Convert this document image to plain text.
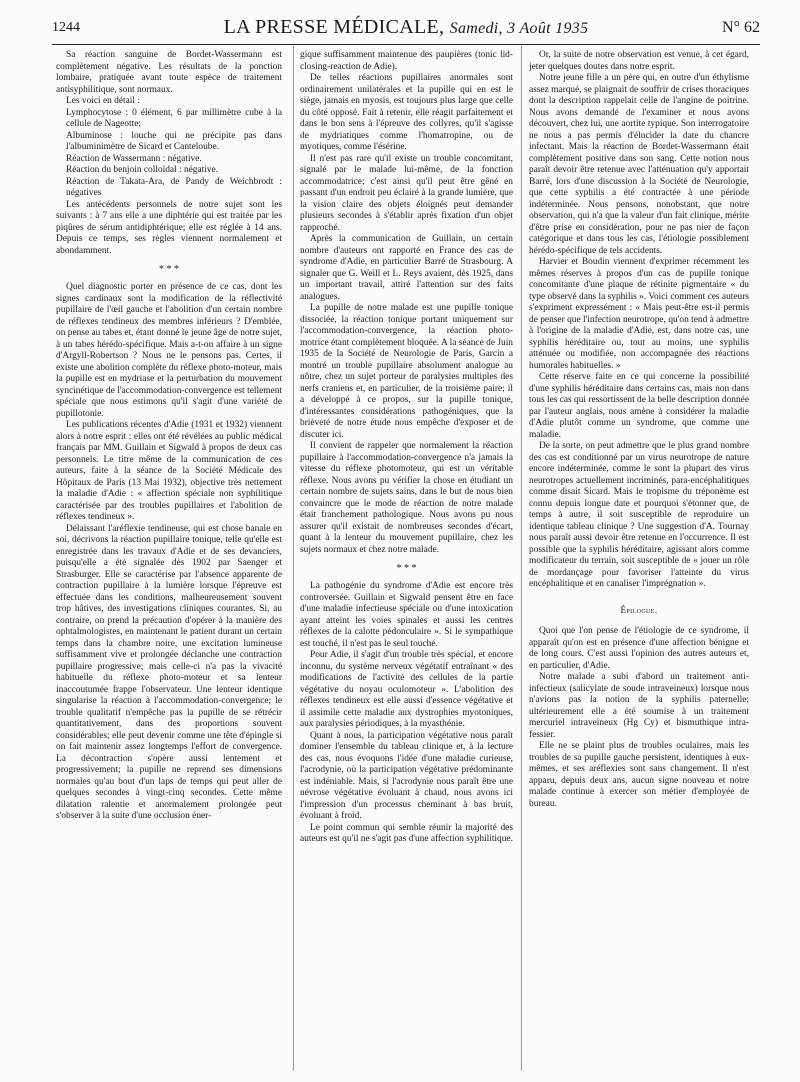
1244	LA PRESSE MÉDICALE, Samedi, 3 Août 1935	N° 62

Sa réaction sanguine de Bordet-Wassermann est complètement négative. Les résultats de la ponction lombaire, pratiquée avant toute espèce de traitement antisyphilitique, sont normaux.

Les voici en détail :

Lymphocytose : 0 élément, 6 par millimètre cube à la cellule de Nageotte;

Albuminose : louche qui ne précipite pas dans l'albuminimètre de Sicard et Canteloube.

Réaction de Wassermann : négative.

Réaction du benjoin colloïdal : négative.

Réaction de Takata-Ara, de Pandy de Weichbrodt : négatives

Les antécédents personnels de notre sujet sont les suivants : à 7 ans elle a une diphtérie qui est traitée par les piqûres de sérum antidiphtérique; elle est réglée à 14 ans. Depuis ce temps, ses règles viennent normalement et abondamment.

* * *

Quel diagnostic porter en présence de ce cas, dont les signes cardinaux sont la modification de la réflectivité pupillaire de l'œil gauche et l'abolition d'un certain nombre de réflexes tendineux des membres inférieurs ? D'emblée, on pense au tabes et, étant donné le jeune âge de notre sujet, à un tabes hérédo-spécifique. Mais a-t-on affaire à un signe d'Argyll-Robertson ? Nous ne le pensons pas. Certes, il existe une abolition complète du réflexe photo-moteur, mais la pupille est en mydriase et la perturbation du mouvement syncinétique de l'accommodation-convergence est tellement spéciale que nous estimons qu'il s'agit d'une variété de pupillotonie.

Les publications récentes d'Adie (1931 et 1932) viennent alors à notre esprit : elles ont été révélées au public médical français par MM. Guillain et Sigwald à propos de deux cas personnels. Le titre même de la communication de ces auteurs, faite à la séance de la Société Médicale des Hôpitaux de Paris (13 Mai 1932), objective très nettement la maladie d'Adie : « affection spéciale non syphilitique caractérisée par des troubles pupillaires et l'abolition de réflexes tendineux ».

Délaissant l'aréflexie tendineuse, qui est chose banale en soi, décrivons la réaction pupillaire tonique, telle qu'elle est enregistrée dans les travaux d'Adie et de ses devanciers, puisqu'elle a été signalée dès 1902 par Saenger et Strasburger. Elle se caractérise par l'absence apparente de contraction pupillaire à la lumière lorsque l'épreuve est effectuée dans les conditions, malheureusement souvent trop hâtives, des investigations cliniques courantes. Si, au contraire, on prend la précaution d'opérer à la manière des ophtalmologistes, en maintenant le patient durant un certain temps dans la chambre noire, une excitation lumineuse suffisamment vive et prolongée déclanche une contraction pupillaire progressive; mais celle-ci n'a pas la vivacité habituelle du réflexe photo-moteur et sa lenteur inaccoutumée frappe l'observateur. Une lenteur identique singularise la réaction à l'accommodation-convergence; le trouble qualitatif n'empêche pas la pupille de se rétrécir quantitativement, dans des proportions souvent considérables; elle peut devenir comme une tête d'épingle si on fait maintenir assez longtemps l'effort de convergence. La décontraction s'opère aussi lentement et progressivement; la pupille ne reprend ses dimensions normales qu'au bout d'un laps de temps qui peut aller de quelques secondes à vingt-cinq secondes. Cette même dilatation ralentie et anormalement prolongée peut s'observer à la suite d'une occlusion éner-

gique suffisamment maintenue des paupières (tonic lid-closing-reaction de Adie).

De telles réactions pupillaires anormales sont ordinairement unilatérales et la pupille qui en est le siège, jamais en myosis, est toujours plus large que celle du côté opposé. Fait à retenir, elle réagit parfaitement et dans le bon sens à l'épreuve des collyres, qu'il s'agisse de mydriatiques comme l'homatropine, ou de myotiques, comme l'ésérine.

Il n'est pas rare qu'il existe un trouble concomitant, signalé par le malade lui-même, de la fonction accommodatrice; c'est ainsi qu'il peut être gêné en passant d'un endroit peu éclairé à la grande lumière, que la vision claire des objets éloignés peut demander plusieurs secondes à s'établir après fixation d'un objet rapproché.

Après la communication de Guillain, un certain nombre d'auteurs ont rapporté en France des cas de syndrome d'Adie, en particulier Barré de Strasbourg. A signaler que G. Weill et L. Reys avaient, dès 1925, dans un important travail, attiré l'attention sur des faits analogues.

La pupille de notre malade est une pupille tonique dissociée, la réaction tonique portant uniquement sur l'accommodation-convergence, la réaction photo-motrice étant complètement bloquée. A la séance de Juin 1935 de la Société de Neurologie de Paris, Garcin a montré un trouble pupillaire absolument analogue au nôtre, chez un sujet porteur de paralysies multiples des nerfs craniens et, en particulier, de la troisième paire; il a développé à ce propos, sur la pupille tonique, d'intéressantes considérations pathogéniques, que la brièveté de notre étude nous empêche d'exposer et de discuter ici.

Il convient de rappeler que normalement la réaction pupillaire à l'accommodation-convergence n'a jamais la vitesse du réflexe photomoteur, qui est un véritable réflexe. Nous avons pu vérifier la chose en étudiant un certain nombre de sujets sains, dans le but de nous bien convaincre que le mode de réaction de notre malade était franchement pathologique. Nous avons pu nous assurer qu'il existait de nombreuses secondes d'écart, quant à la lenteur du mouvement pupillaire, chez les sujets normaux et chez notre malade.

* * *

La pathogénie du syndrome d'Adie est encore très controversée. Guillain et Sigwald pensent être en face d'une maladie infectieuse spéciale ou d'une intoxication ayant atteint les voies spinales et aussi les centres réflexes de la calotte pédonculaire ». Si le sympathique est touché, il n'est pas le seul touché.

Pour Adie, il s'agit d'un trouble très spécial, et encore inconnu, du système nerveux végétatif entraînant « des modifications de l'activité des cellules de la partie végétative du noyau oculomoteur ». L'abolition des réflexes tendineux est elle aussi d'essence végétative et il assimile cette maladie aux dystrophies myotoniques, aux paralysies périodiques, à la myasthénie.

Quant à nous, la participation végétative nous paraît dominer l'ensemble du tableau clinique et, à la lecture des cas, nous évoquons l'idée d'une maladie curieuse, l'acrodynie, où la participation végétative prédominante est indéniable. Mais, si l'acrodynie nous paraît être une névrose végétative évoluant à chaud, nous avons ici l'impression d'un processus cheminant à bas bruit, évoluant à froid.

Le point commun qui semble réunir la majorité des auteurs est qu'il ne s'agit pas d'une affection syphilitique.

Or, la suite de notre observation est venue, à cet égard, jeter quelques doutes dans notre esprit.

Notre jeune fille a un père qui, en outre d'un éthylisme assez marqué, se plaignait de souffrir de crises thoraciques dont la description rappelait celle de l'angine de poitrine. Nous avons demandé de l'examiner et nous avons découvert, chez lui, une aortite typique. Son interrogatoire ne nous a pas permis d'élucider la date du chancre infectant. Mais la réaction de Bordet-Wassermann était complètement positive dans son sang. Cette notion nous paraît devoir être retenue avec l'atténuation qu'y apportait Barré, lors d'une discussion à la Société de Neurologie, que cette syphilis a été contractée à une période indéterminée. Nous pensons, nonobstant, que notre observation, qui n'a que la valeur d'un fait clinique, mérite d'être prise en considération, pour ne pas nier de façon catégorique et dans tous les cas, l'étiologie possiblement hérédo-spécifique de tels accidents.

Harvier et Boudin viennent d'exprimer récemment les mêmes réserves à propos d'un cas de pupille tonique concomitante d'une plaque de rétinite pigmentaire « du type observé dans la syphilis ». Voici comment ces auteurs s'expriment expressément : « Mais peut-être est-il permis de penser que l'infection neurotrope, qu'on tend à admettre à l'origine de la maladie d'Adie, est, dans notre cas, une syphilis héréditaire ou, tout au moins, une syphilis atténuée ou modifiée, non accompagnée des réactions humorales habituelles. »

Cette réserve faite en ce qui concerne la possibilité d'une syphilis héréditaire dans certains cas, mais non dans tous les cas qui ressortissent de la belle description donnée par l'auteur anglais, nous amène à considérer la maladie d'Adie plutôt comme un syndrome, que comme une maladie.

De la sorte, on peut admettre que le plus grand nombre des cas est conditionné par un virus neurotrope de nature encore indéterminée, comme le sont la plupart des virus neurotropes actuellement incriminés, para-encéphalitiques comme disait Sicard. Mais le tropisme du tréponème est connu depuis longue date et pourquoi s'étonner que, de temps à autre, il soit susceptible de reproduire un identique tableau clinique ? Une suggestion d'A. Tournay nous paraît aussi devoir être retenue en l'occurrence. Il est possible que la syphilis héréditaire, agissant alors comme modificateur du terrain, soit susceptible de « jouer un rôle de mordançage pour favoriser l'atteinte du virus encéphalitique et en canaliser l'imprégnation ».

Épilogue.

Quoi que l'on pense de l'étiologie de ce syndrome, il apparaît qu'on est en présence d'une affection bénigne et de long cours. C'est aussi l'opinion des autres auteurs et, en particulier, d'Adie.

Notre malade a subi d'abord un traitement anti-infectieux (salicylate de soude intraveineux) lorsque nous n'avions pas la notion de la syphilis paternelle; ultérieurement elle a été soumise à un traitement mercuriel intraveineux (Hg Cy) et bismuthique intra-fessier.

Elle ne se plaint plus de troubles oculaires, mais les troubles de sa pupille gauche persistent, identiques à eux-mêmes, et ses aréflexies sont sans changement. Il n'est apparu, depuis deux ans, aucun signe nouveau et notre malade continue à exercer son métier d'employée de bureau.
